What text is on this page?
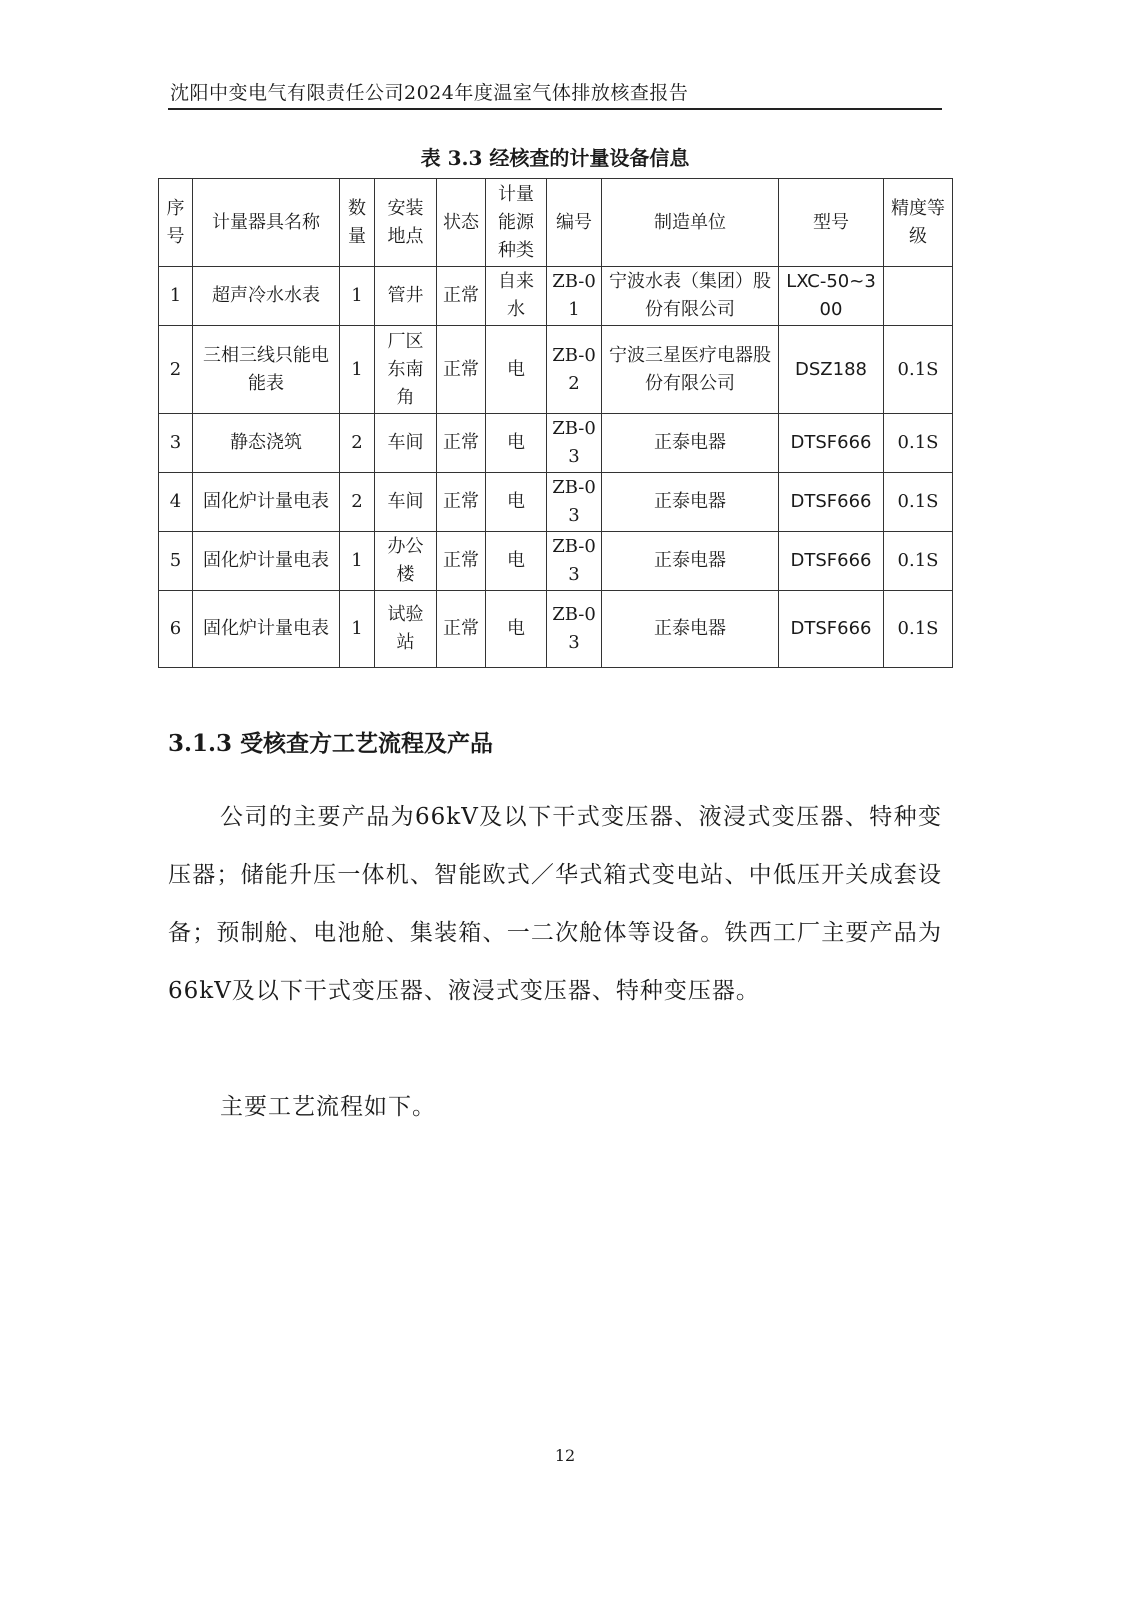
沈阳中变电气有限责任公司2024年度温室气体排放核查报告
表 3.3 经核查的计量设备信息
序号	计量器具名称	数量	安装地点	状态	计量能源种类	编号	制造单位	型号	精度等级
1	超声冷水水表	1	管井	正常	自来水	ZB-01	宁波水表（集团）股份有限公司	LXC-50~300	
2	三相三线只能电能表	1	厂区东南角	正常	电	ZB-02	宁波三星医疗电器股份有限公司	DSZ188	0.1S
3	静态浇筑	2	车间	正常	电	ZB-03	正泰电器	DTSF666	0.1S
4	固化炉计量电表	2	车间	正常	电	ZB-03	正泰电器	DTSF666	0.1S
5	固化炉计量电表	1	办公楼	正常	电	ZB-03	正泰电器	DTSF666	0.1S
6	固化炉计量电表	1	试验站	正常	电	ZB-03	正泰电器	DTSF666	0.1S
3.1.3 受核查方工艺流程及产品

公司的主要产品为66kV及以下干式变压器、液浸式变压器、特种变压器；储能升压一体机、智能欧式／华式箱式变电站、中低压开关成套设备；预制舱、电池舱、集装箱、一二次舱体等设备。铁西工厂主要产品为66kV及以下干式变压器、液浸式变压器、特种变压器。

主要工艺流程如下。

12
